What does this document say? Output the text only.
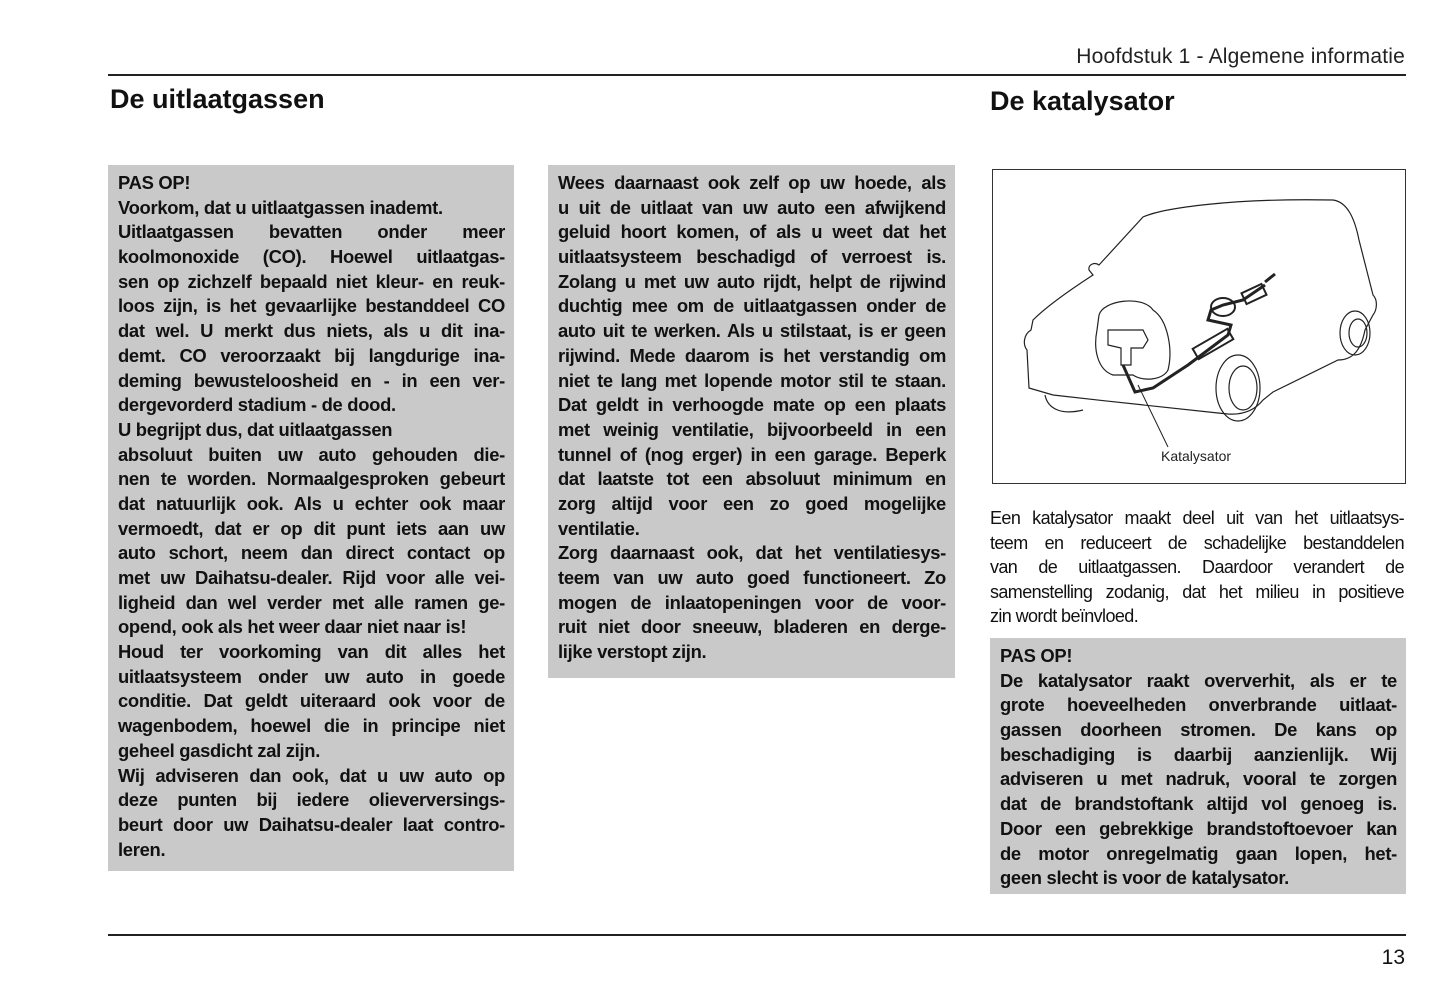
Hoofdstuk 1 - Algemene informatie
De uitlaatgassen	De katalysator
PAS OP!
Voorkom, dat u uitlaatgassen inademt.
Uitlaatgassen bevatten onder meer
koolmonoxide (CO). Hoewel uitlaatgas-
sen op zichzelf bepaald niet kleur- en reuk-
loos zijn, is het gevaarlijke bestanddeel CO
dat wel. U merkt dus niets, als u dit ina-
demt. CO veroorzaakt bij langdurige ina-
deming bewusteloosheid en - in een ver-
dergevorderd stadium - de dood.
U begrijpt dus, dat uitlaatgassen
absoluut buiten uw auto gehouden die-
nen te worden. Normaalgesproken gebeurt
dat natuurlijk ook. Als u echter ook maar
vermoedt, dat er op dit punt iets aan uw
auto schort, neem dan direct contact op
met uw Daihatsu-dealer. Rijd voor alle vei-
ligheid dan wel verder met alle ramen ge-
opend, ook als het weer daar niet naar is!
Houd ter voorkoming van dit alles het
uitlaatsysteem onder uw auto in goede
conditie. Dat geldt uiteraard ook voor de
wagenbodem, hoewel die in principe niet
geheel gasdicht zal zijn.
Wij adviseren dan ook, dat u uw auto op
deze punten bij iedere olieverversings-
beurt door uw Daihatsu-dealer laat contro-
leren.
Wees daarnaast ook zelf op uw hoede, als
u uit de uitlaat van uw auto een afwijkend
geluid hoort komen, of als u weet dat het
uitlaatsysteem beschadigd of verroest is.
Zolang u met uw auto rijdt, helpt de rijwind
duchtig mee om de uitlaatgassen onder de
auto uit te werken. Als u stilstaat, is er geen
rijwind. Mede daarom is het verstandig om
niet te lang met lopende motor stil te staan.
Dat geldt in verhoogde mate op een plaats
met weinig ventilatie, bijvoorbeeld in een
tunnel of (nog erger) in een garage. Beperk
dat laatste tot een absoluut minimum en
zorg altijd voor een zo goed mogelijke
ventilatie.
Zorg daarnaast ook, dat het ventilatiesys-
teem van uw auto goed functioneert. Zo
mogen de inlaatopeningen voor de voor-
ruit niet door sneeuw, bladeren en derge-
lijke verstopt zijn.
Katalysator
Een katalysator maakt deel uit van het uitlaatsys-
teem en reduceert de schadelijke bestanddelen
van de uitlaatgassen. Daardoor verandert de
samenstelling zodanig, dat het milieu in positieve
zin wordt beïnvloed.
PAS OP!
De katalysator raakt oververhit, als er te
grote hoeveelheden onverbrande uitlaat-
gassen doorheen stromen. De kans op
beschadiging is daarbij aanzienlijk. Wij
adviseren u met nadruk, vooral te zorgen
dat de brandstoftank altijd vol genoeg is.
Door een gebrekkige brandstoftoevoer kan
de motor onregelmatig gaan lopen, het-
geen slecht is voor de katalysator.
13
